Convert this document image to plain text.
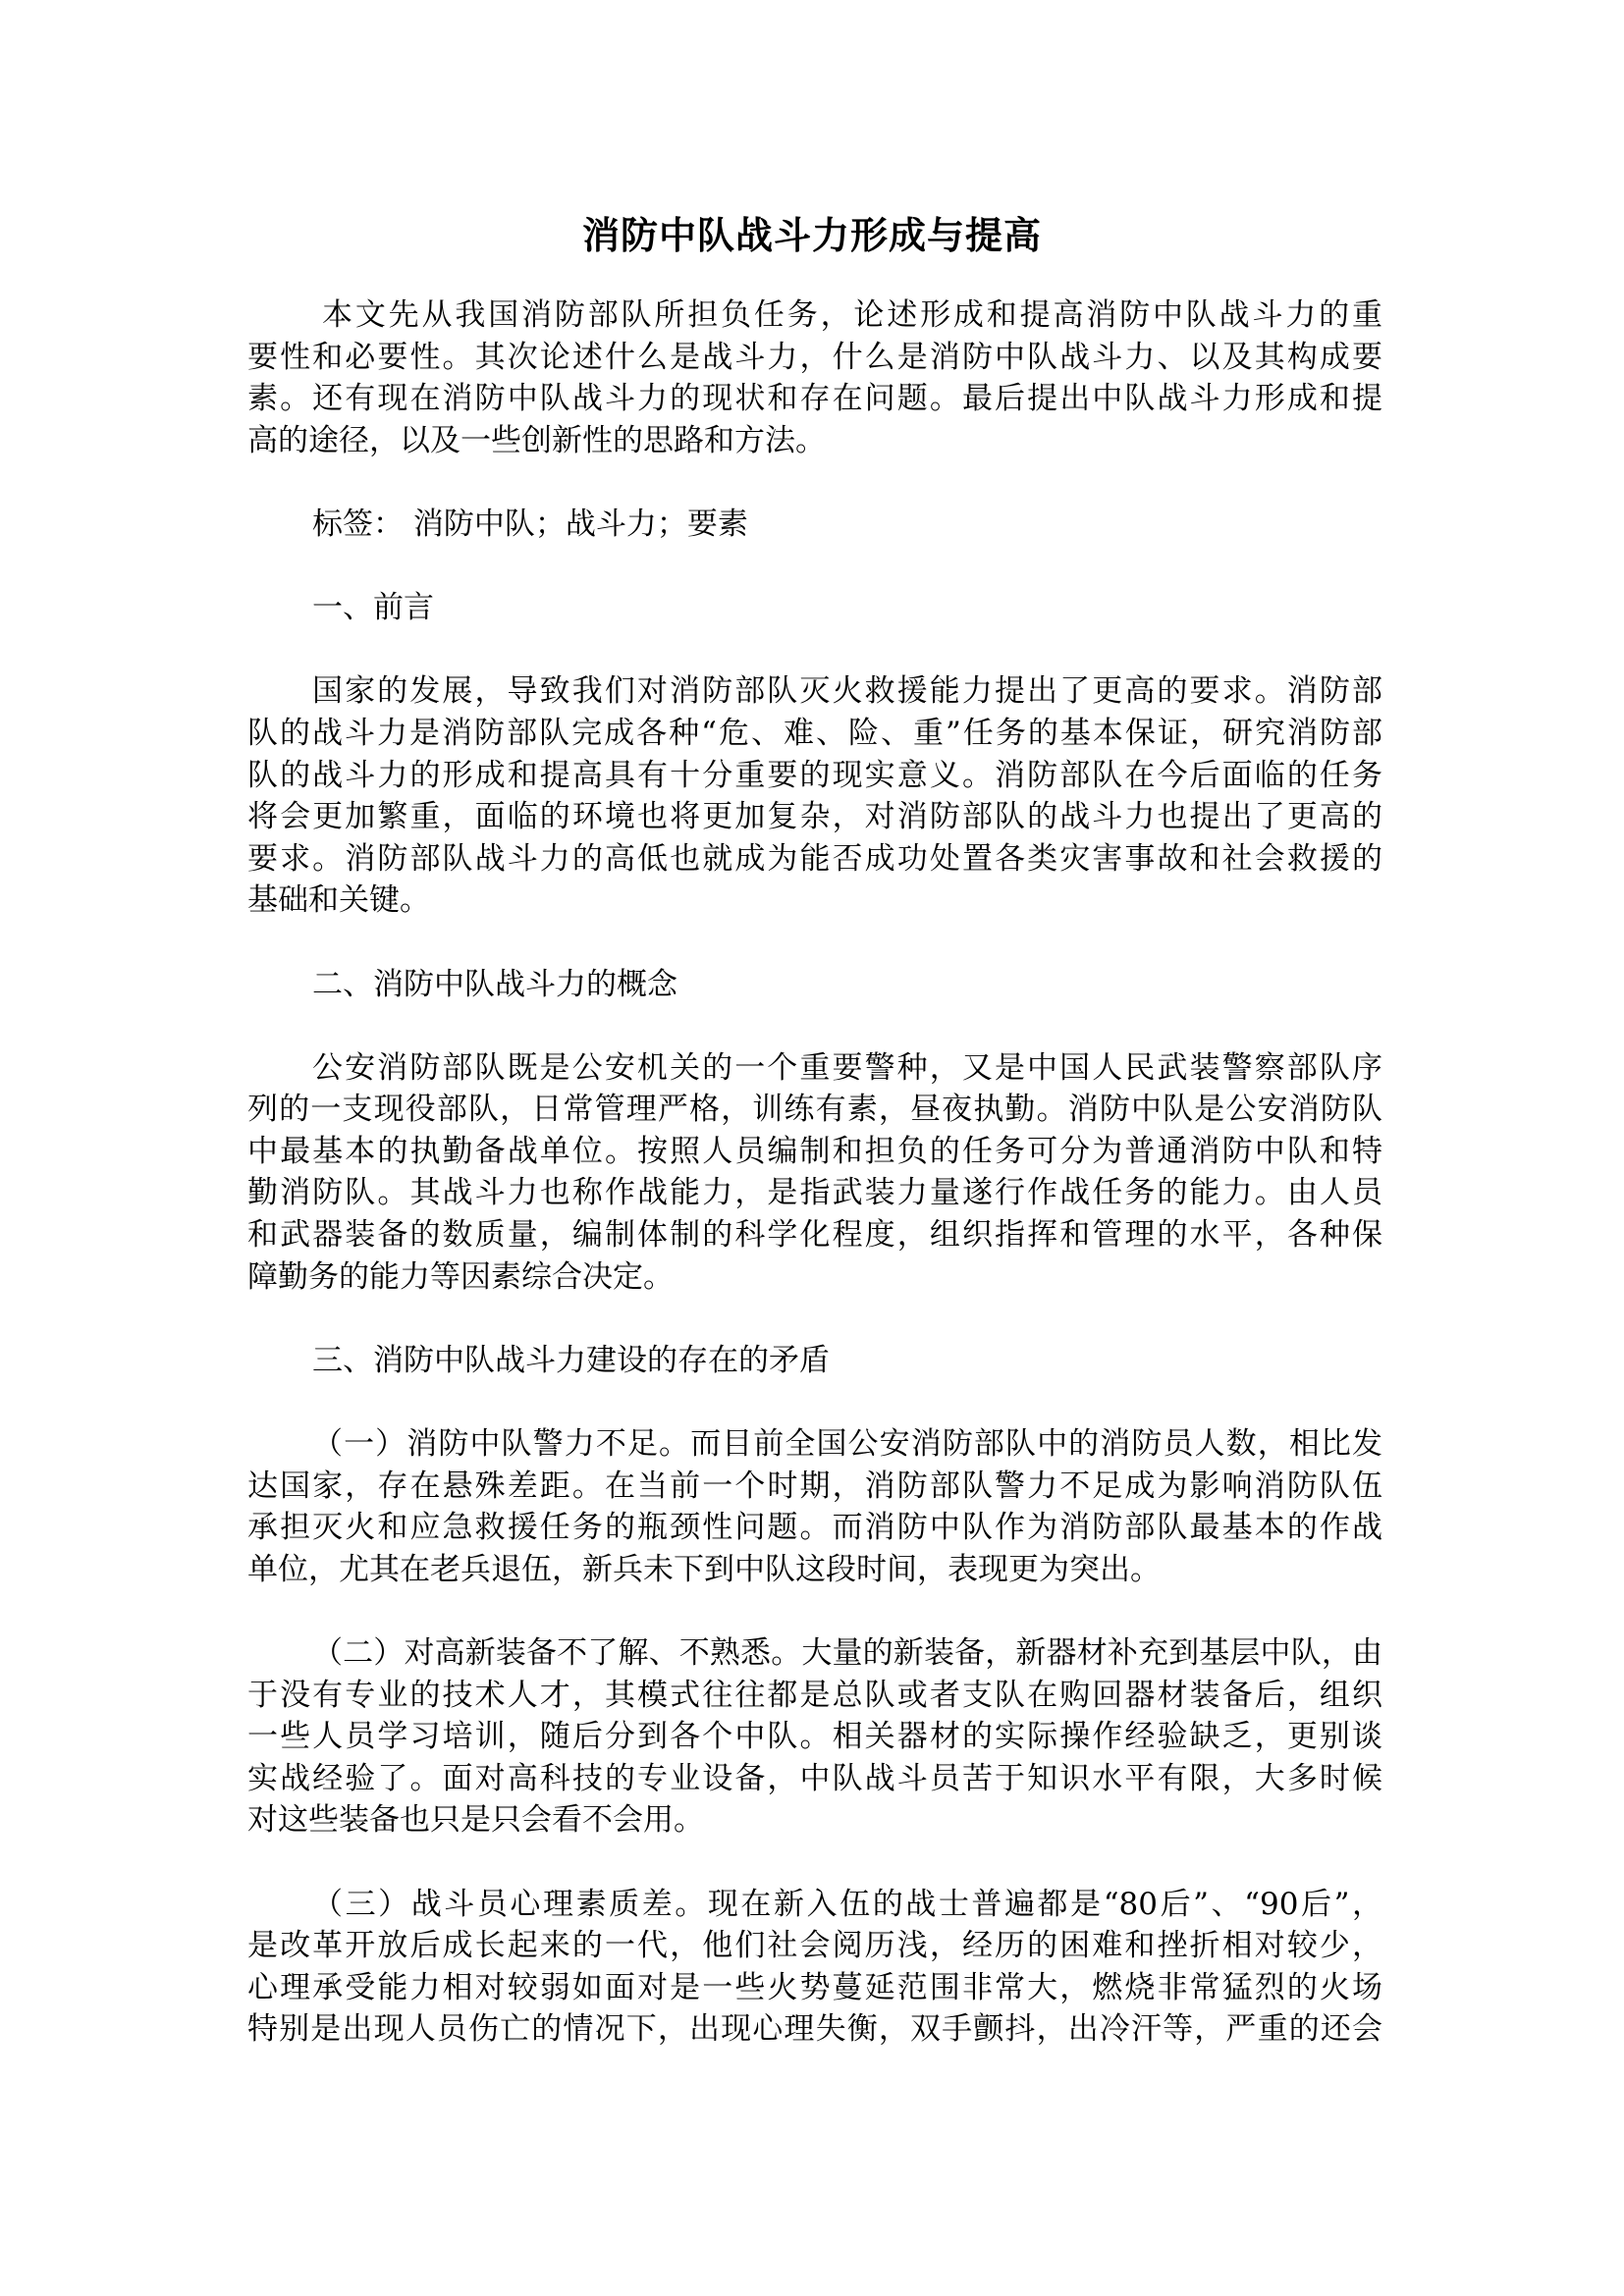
消防中队战斗力形成与提高
本文先从我国消防部队所担负任务，论述形成和提高消防中队战斗力的重
要性和必要性。其次论述什么是战斗力，什么是消防中队战斗力、以及其构成要
素。还有现在消防中队战斗力的现状和存在问题。最后提出中队战斗力形成和提
高的途径，以及一些创新性的思路和方法。
标签： 消防中队；战斗力；要素
一、前言
国家的发展，导致我们对消防部队灭火救援能力提出了更高的要求。消防部
队的战斗力是消防部队完成各种“危、难、险、重”任务的基本保证，研究消防部
队的战斗力的形成和提高具有十分重要的现实意义。消防部队在今后面临的任务
将会更加繁重，面临的环境也将更加复杂，对消防部队的战斗力也提出了更高的
要求。消防部队战斗力的高低也就成为能否成功处置各类灾害事故和社会救援的
基础和关键。
二、消防中队战斗力的概念
公安消防部队既是公安机关的一个重要警种，又是中国人民武装警察部队序
列的一支现役部队，日常管理严格，训练有素，昼夜执勤。消防中队是公安消防队
中最基本的执勤备战单位。按照人员编制和担负的任务可分为普通消防中队和特
勤消防队。其战斗力也称作战能力，是指武装力量遂行作战任务的能力。由人员
和武器装备的数质量，编制体制的科学化程度，组织指挥和管理的水平，各种保
障勤务的能力等因素综合决定。
三、消防中队战斗力建设的存在的矛盾
（一）消防中队警力不足。而目前全国公安消防部队中的消防员人数，相比发
达国家，存在悬殊差距。在当前一个时期，消防部队警力不足成为影响消防队伍
承担灭火和应急救援任务的瓶颈性问题。而消防中队作为消防部队最基本的作战
单位，尤其在老兵退伍，新兵未下到中队这段时间，表现更为突出。
（二）对高新装备不了解、不熟悉。大量的新装备，新器材补充到基层中队，由
于没有专业的技术人才，其模式往往都是总队或者支队在购回器材装备后，组织
一些人员学习培训，随后分到各个中队。相关器材的实际操作经验缺乏，更别谈
实战经验了。面对高科技的专业设备，中队战斗员苦于知识水平有限，大多时候
对这些装备也只是只会看不会用。
（三）战斗员心理素质差。现在新入伍的战士普遍都是“80后”、“90后”，
是改革开放后成长起来的一代，他们社会阅历浅，经历的困难和挫折相对较少，
心理承受能力相对较弱如面对是一些火势蔓延范围非常大，燃烧非常猛烈的火场
特别是出现人员伤亡的情况下，出现心理失衡，双手颤抖，出冷汗等，严重的还会
